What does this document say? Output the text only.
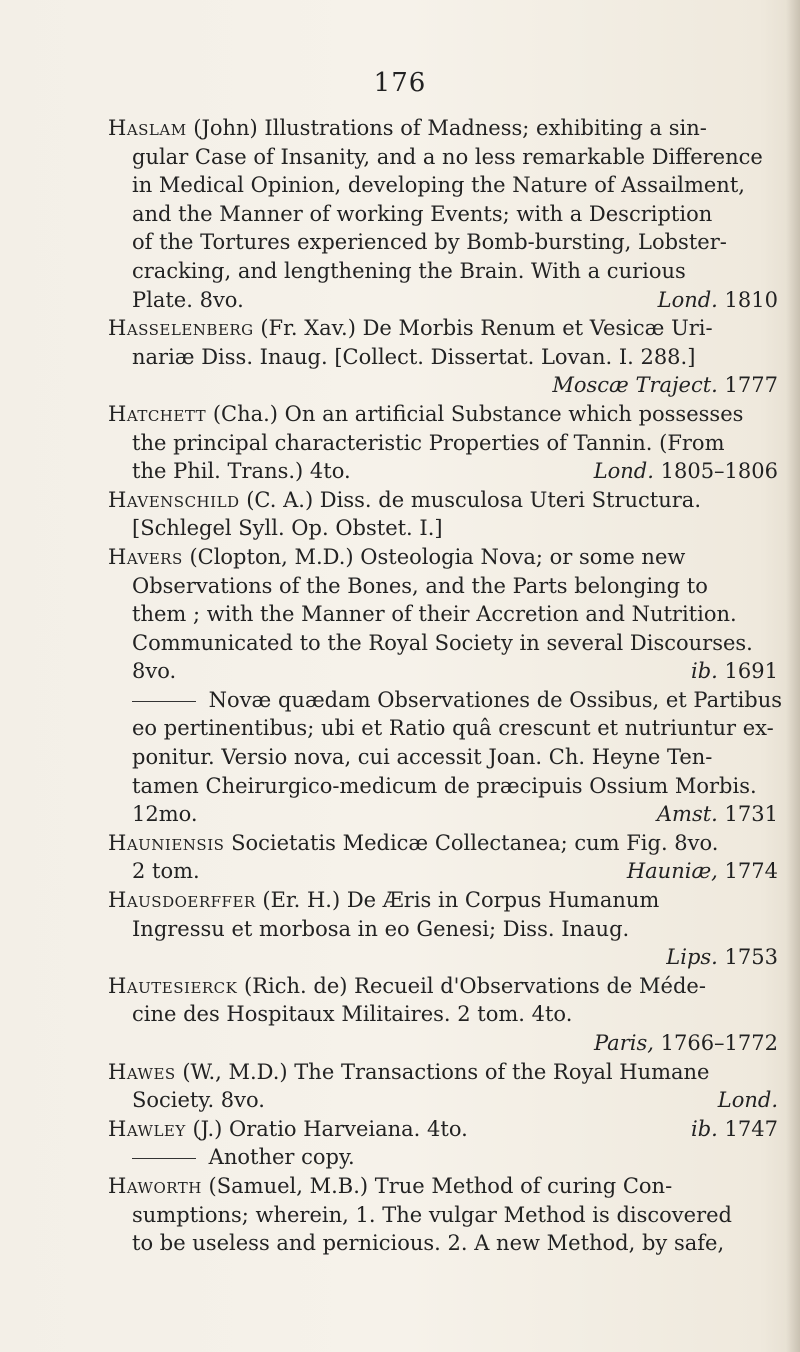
176
Haslam (John) Illustrations of Madness; exhibiting a sin-
gular Case of Insanity, and a no less remarkable Difference
in Medical Opinion, developing the Nature of Assailment,
and the Manner of working Events; with a Description
of the Tortures experienced by Bomb-bursting, Lobster-
cracking, and lengthening the Brain. With a curious
Plate. 8vo.	Lond. 1810
Hasselenberg (Fr. Xav.) De Morbis Renum et Vesicæ Uri-
nariæ Diss. Inaug. [Collect. Dissertat. Lovan. I. 288.]
Moscæ Traject. 1777
Hatchett (Cha.) On an artificial Substance which possesses
the principal characteristic Properties of Tannin. (From
the Phil. Trans.) 4to.	Lond. 1805–1806
Havenschild (C. A.) Diss. de musculosa Uteri Structura.
[Schlegel Syll. Op. Obstet. I.]
Havers (Clopton, M.D.) Osteologia Nova; or some new
Observations of the Bones, and the Parts belonging to
them ; with the Manner of their Accretion and Nutrition.
Communicated to the Royal Society in several Discourses.
8vo.	ib. 1691
Novæ quædam Observationes de Ossibus, et Partibus
eo pertinentibus; ubi et Ratio quâ crescunt et nutriuntur ex-
ponitur. Versio nova, cui accessit Joan. Ch. Heyne Ten-
tamen Cheirurgico-medicum de præcipuis Ossium Morbis.
12mo.	Amst. 1731
Hauniensis Societatis Medicæ Collectanea; cum Fig. 8vo.
2 tom.	Hauniæ, 1774
Hausdoerffer (Er. H.) De Æris in Corpus Humanum
Ingressu et morbosa in eo Genesi; Diss. Inaug.
Lips. 1753
Hautesierck (Rich. de) Recueil d'Observations de Méde-
cine des Hospitaux Militaires. 2 tom. 4to.
Paris, 1766–1772
Hawes (W., M.D.) The Transactions of the Royal Humane
Society. 8vo.	Lond.
Hawley (J.) Oratio Harveiana. 4to.	ib. 1747
Another copy.
Haworth (Samuel, M.B.) True Method of curing Con-
sumptions; wherein, 1. The vulgar Method is discovered
to be useless and pernicious. 2. A new Method, by safe,
